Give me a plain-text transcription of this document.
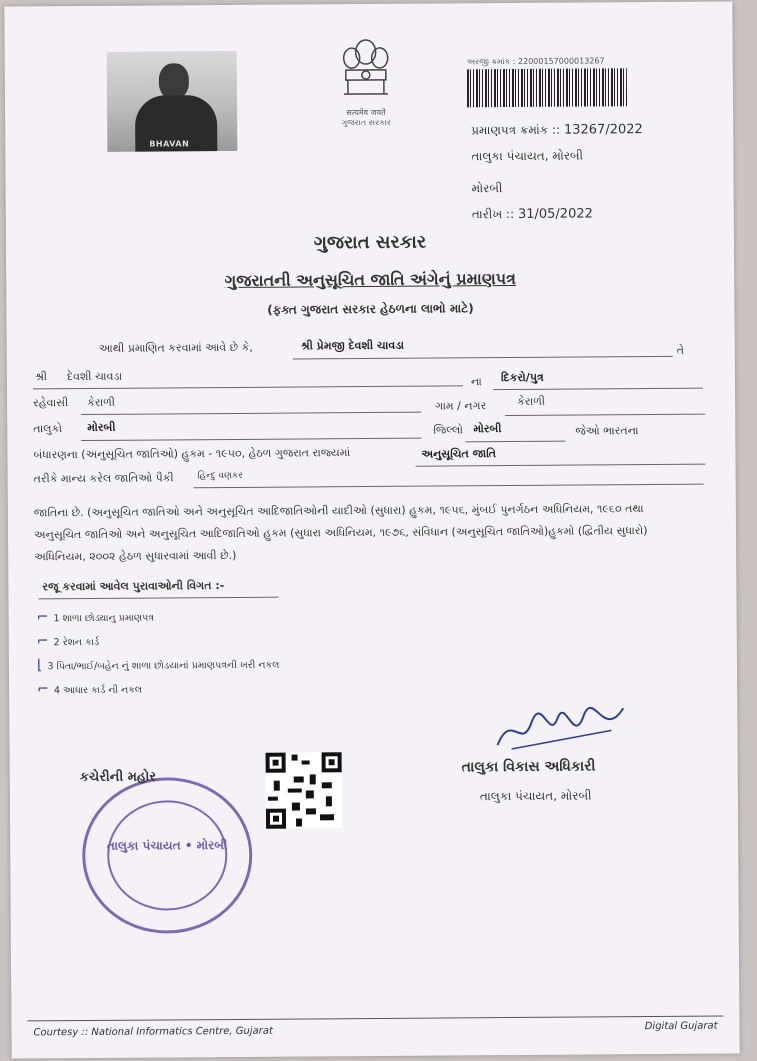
BHAVAN
सत्यमेव जयते
ગુજરાત સરકાર
અરજી ક્રમાંક : 22000157000013267
પ્રમાણપત્ર ક્રમાંક :: 13267/2022
તાલુકા પંચાયત, મોરબી
મોરબી
તારીખ :: 31/05/2022
ગુજરાત સરકાર
ગુજરાતની અનુસૂચિત જાતિ અંગેનું પ્રમાણપત્ર
(ફક્ત ગુજરાત સરકાર હેઠળના લાભો માટે)
આથી પ્રમાણિત કરવામાં આવે છે કે,	શ્રી પ્રેમજી દેવશી ચાવડા	તે
શ્રી દેવશી ચાવડા	ના દિકરો/પુત્ર
રહેવાસી કેરાળી	ગામ / નગર	કેરાળી
તાલુકો મોરબી	જિલ્લો મોરબી	જેઓ ભારતના
બંધારણના (અનુસૂચિત જાતિઓ) હુકમ - ૧૯૫૦, હેઠળ ગુજરાત રાજ્યમાં	અનુસૂચિત જાતિ
તરીકે માન્ય કરેલ જાતિઓ પૈકી	હિન્દુ વણકર
જાતિના છે. (અનુસૂચિત જાતિઓ અને અનુસૂચિત આદિજાતિઓની યાદીઓ (સુધારા) હુકમ, ૧૯૫૬, મુંબઈ પુનર્ગઠન અધિનિયમ, ૧૯૬૦ તથા
અનુસૂચિત જાતિઓ અને અનુસૂચિત આદિજાતિઓ હુકમ (સુધારા અધિનિયમ, ૧૯૭૬, સંવિધાન (અનુસૂચિત જાતિઓ)હુકમો (દ્વિતીય સુધારો)
અધિનિયમ, ૨૦૦૨ હેઠળ સુધારવામાં આવી છે.)
રજૂ કરવામાં આવેલ પુરાવાઓની વિગત :-
⌐ 1 શાળા છોડ્યાનુ પ્રમાણપત્ર
⌐ 2 રેશન કાર્ડ
⌊ 3 પિતા/ભાઈ/બહેન નું શાળા છોડયાનાં પ્રમાણપત્રની ખરી નકલ
⌐ 4 આધાર કાર્ડ ની નકલ
તાલુકા વિકાસ અધિકારી
તાલુકા પંચાયત, મોરબી
કચેરીની મહોર
તાલુકા પંચાયત • મોરબી
Courtesy :: National Informatics Centre, Gujarat	Digital Gujarat
